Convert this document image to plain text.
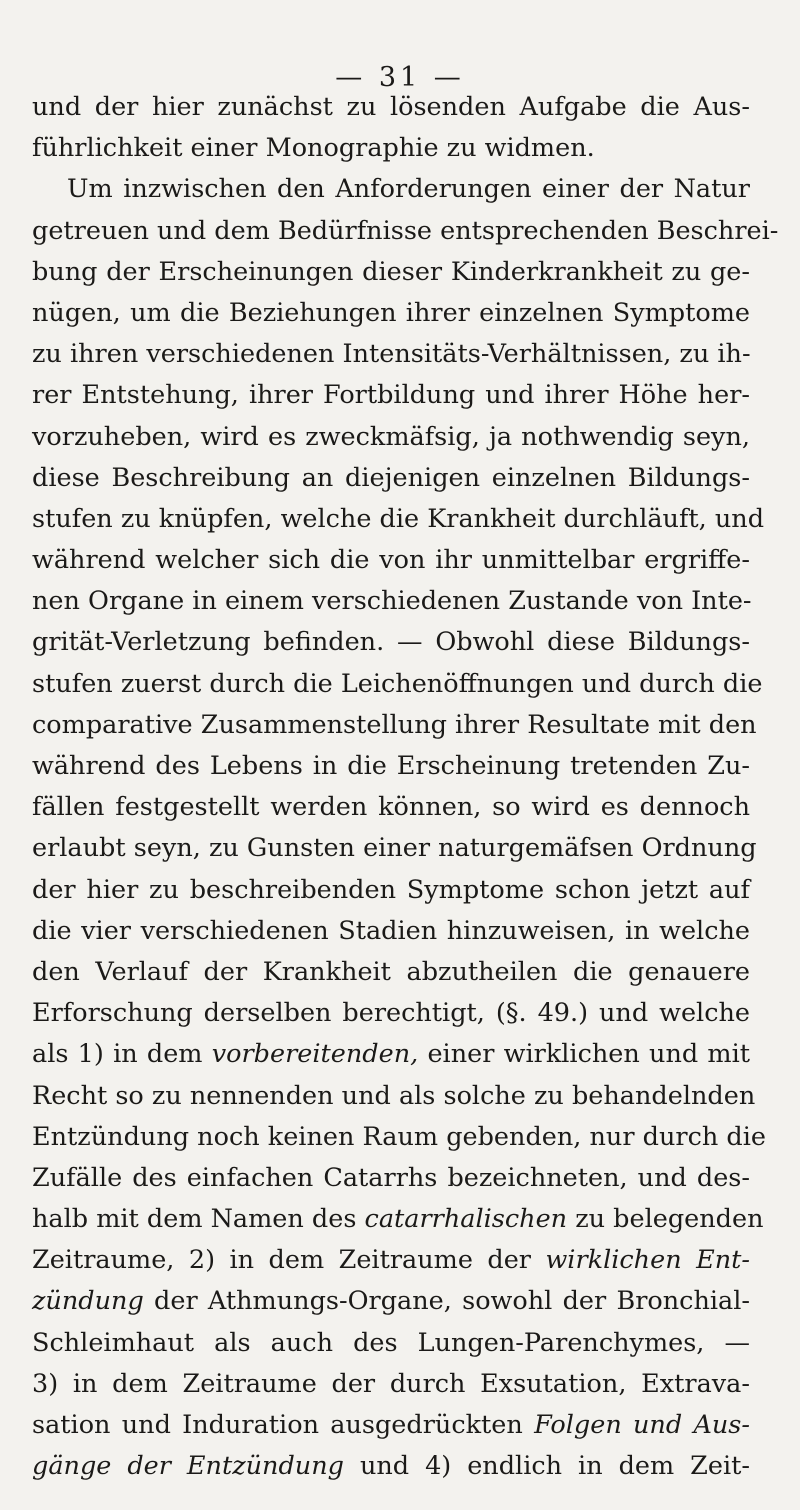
— 31 —
und der hier zunächst zu lösenden Aufgabe die Aus-
führlichkeit einer Monographie zu widmen.
Um inzwischen den Anforderungen einer der Natur
getreuen und dem Bedürfnisse entsprechenden Beschrei-
bung der Erscheinungen dieser Kinderkrankheit zu ge-
nügen, um die Beziehungen ihrer einzelnen Symptome
zu ihren verschiedenen Intensitäts-Verhältnissen, zu ih-
rer Entstehung, ihrer Fortbildung und ihrer Höhe her-
vorzuheben, wird es zweckmäfsig, ja nothwendig seyn,
diese Beschreibung an diejenigen einzelnen Bildungs-
stufen zu knüpfen, welche die Krankheit durchläuft, und
während welcher sich die von ihr unmittelbar ergriffe-
nen Organe in einem verschiedenen Zustande von Inte-
grität-Verletzung befinden. — Obwohl diese Bildungs-
stufen zuerst durch die Leichenöffnungen und durch die
comparative Zusammenstellung ihrer Resultate mit den
während des Lebens in die Erscheinung tretenden Zu-
fällen festgestellt werden können, so wird es dennoch
erlaubt seyn, zu Gunsten einer naturgemäfsen Ordnung
der hier zu beschreibenden Symptome schon jetzt auf
die vier verschiedenen Stadien hinzuweisen, in welche
den Verlauf der Krankheit abzutheilen die genauere
Erforschung derselben berechtigt, (§. 49.) und welche
als 1) in dem vorbereitenden, einer wirklichen und mit
Recht so zu nennenden und als solche zu behandelnden
Entzündung noch keinen Raum gebenden, nur durch die
Zufälle des einfachen Catarrhs bezeichneten, und des-
halb mit dem Namen des catarrhalischen zu belegenden
Zeitraume, 2) in dem Zeitraume der wirklichen Ent-
zündung der Athmungs-Organe, sowohl der Bronchial-
Schleimhaut als auch des Lungen-Parenchymes, —
3) in dem Zeitraume der durch Exsutation, Extrava-
sation und Induration ausgedrückten Folgen und Aus-
gänge der Entzündung und 4) endlich in dem Zeit-
